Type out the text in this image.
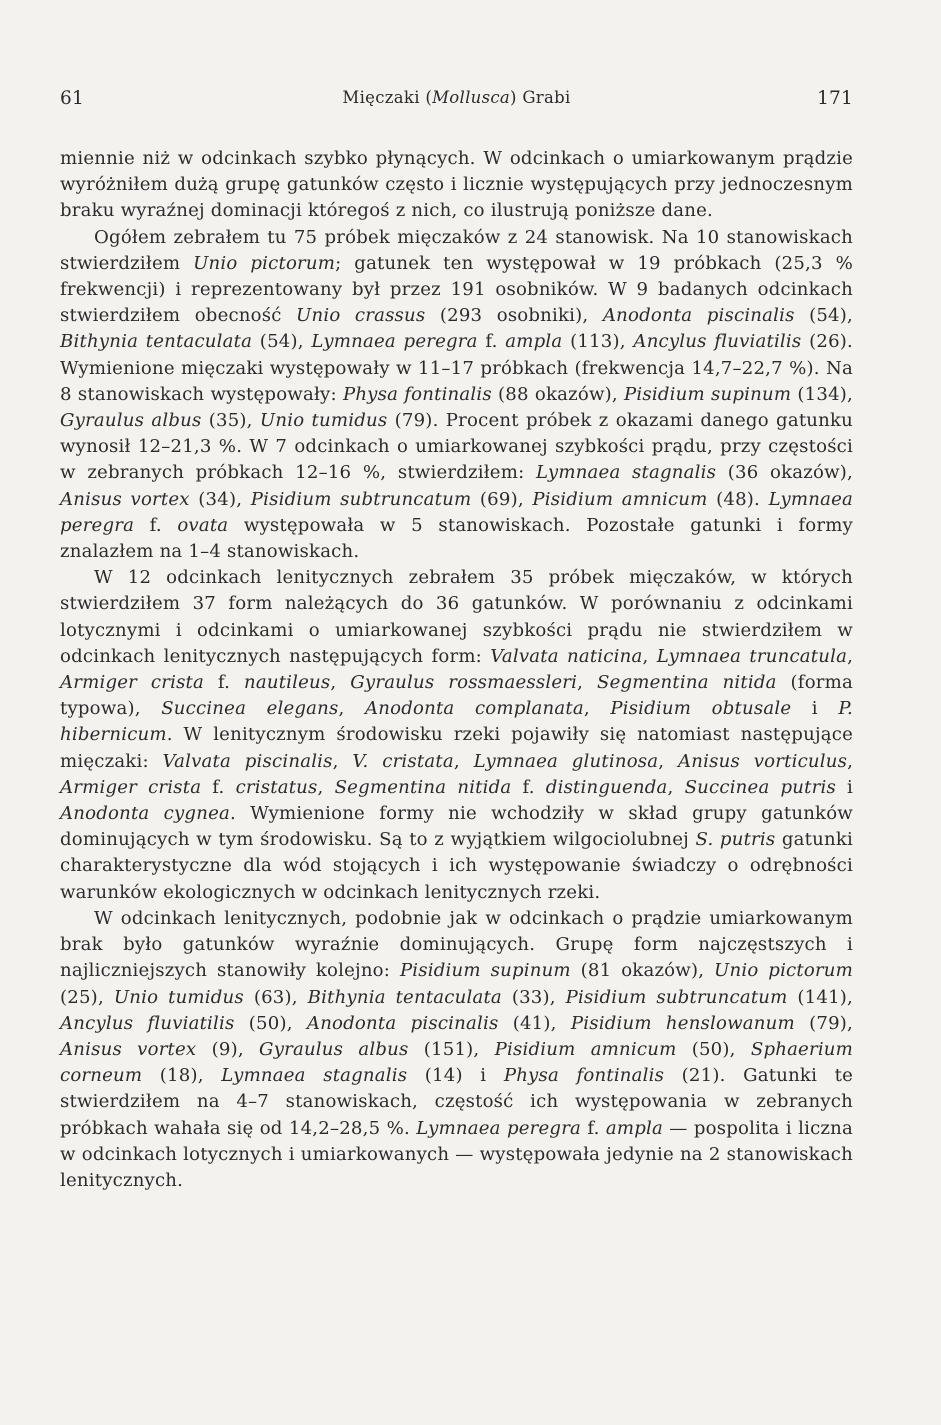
61	Mięczaki (Mollusca) Grabi	171

miennie niż w odcinkach szybko płynących. W odcinkach o umiarkowanym prądzie wyróżniłem dużą grupę gatunków często i licznie występujących przy jednoczesnym braku wyraźnej dominacji któregoś z nich, co ilustrują poniższe dane.

Ogółem zebrałem tu 75 próbek mięczaków z 24 stanowisk. Na 10 stanowiskach stwierdziłem Unio pictorum; gatunek ten występował w 19 próbkach (25,3 % frekwencji) i reprezentowany był przez 191 osobników. W 9 badanych odcinkach stwierdziłem obecność Unio crassus (293 osobniki), Anodonta piscinalis (54), Bithynia tentaculata (54), Lymnaea peregra f. ampla (113), Ancylus fluviatilis (26). Wymienione mięczaki występowały w 11–17 próbkach (frekwencja 14,7–22,7 %). Na 8 stanowiskach występowały: Physa fontinalis (88 okazów), Pisidium supinum (134), Gyraulus albus (35), Unio tumidus (79). Procent próbek z okazami danego gatunku wynosił 12–21,3 %. W 7 odcinkach o umiarkowanej szybkości prądu, przy częstości w zebranych próbkach 12–16 %, stwierdziłem: Lymnaea stagnalis (36 okazów), Anisus vortex (34), Pisidium subtruncatum (69), Pisidium amnicum (48). Lymnaea peregra f. ovata występowała w 5 stanowiskach. Pozostałe gatunki i formy znalazłem na 1–4 stanowiskach.

W 12 odcinkach lenitycznych zebrałem 35 próbek mięczaków, w których stwierdziłem 37 form należących do 36 gatunków. W porównaniu z odcinkami lotycznymi i odcinkami o umiarkowanej szybkości prądu nie stwierdziłem w odcinkach lenitycznych następujących form: Valvata naticina, Lymnaea truncatula, Armiger crista f. nautileus, Gyraulus rossmaessleri, Segmentina nitida (forma typowa), Succinea elegans, Anodonta complanata, Pisidium obtusale i P. hibernicum. W lenitycznym środowisku rzeki pojawiły się natomiast następujące mięczaki: Valvata piscinalis, V. cristata, Lymnaea glutinosa, Anisus vorticulus, Armiger crista f. cristatus, Segmentina nitida f. distinguenda, Succinea putris i Anodonta cygnea. Wymienione formy nie wchodziły w skład grupy gatunków dominujących w tym środowisku. Są to z wyjątkiem wilgociolubnej S. putris gatunki charakterystyczne dla wód stojących i ich występowanie świadczy o odrębności warunków ekologicznych w odcinkach lenitycznych rzeki.

W odcinkach lenitycznych, podobnie jak w odcinkach o prądzie umiarkowanym brak było gatunków wyraźnie dominujących. Grupę form najczęstszych i najliczniejszych stanowiły kolejno: Pisidium supinum (81 okazów), Unio pictorum (25), Unio tumidus (63), Bithynia tentaculata (33), Pisidium subtruncatum (141), Ancylus fluviatilis (50), Anodonta piscinalis (41), Pisidium henslowanum (79), Anisus vortex (9), Gyraulus albus (151), Pisidium amnicum (50), Sphaerium corneum (18), Lymnaea stagnalis (14) i Physa fontinalis (21). Gatunki te stwierdziłem na 4–7 stanowiskach, częstość ich występowania w zebranych próbkach wahała się od 14,2–28,5 %. Lymnaea peregra f. ampla — pospolita i liczna w odcinkach lotycznych i umiarkowanych — występowała jedynie na 2 stanowiskach lenitycznych.
